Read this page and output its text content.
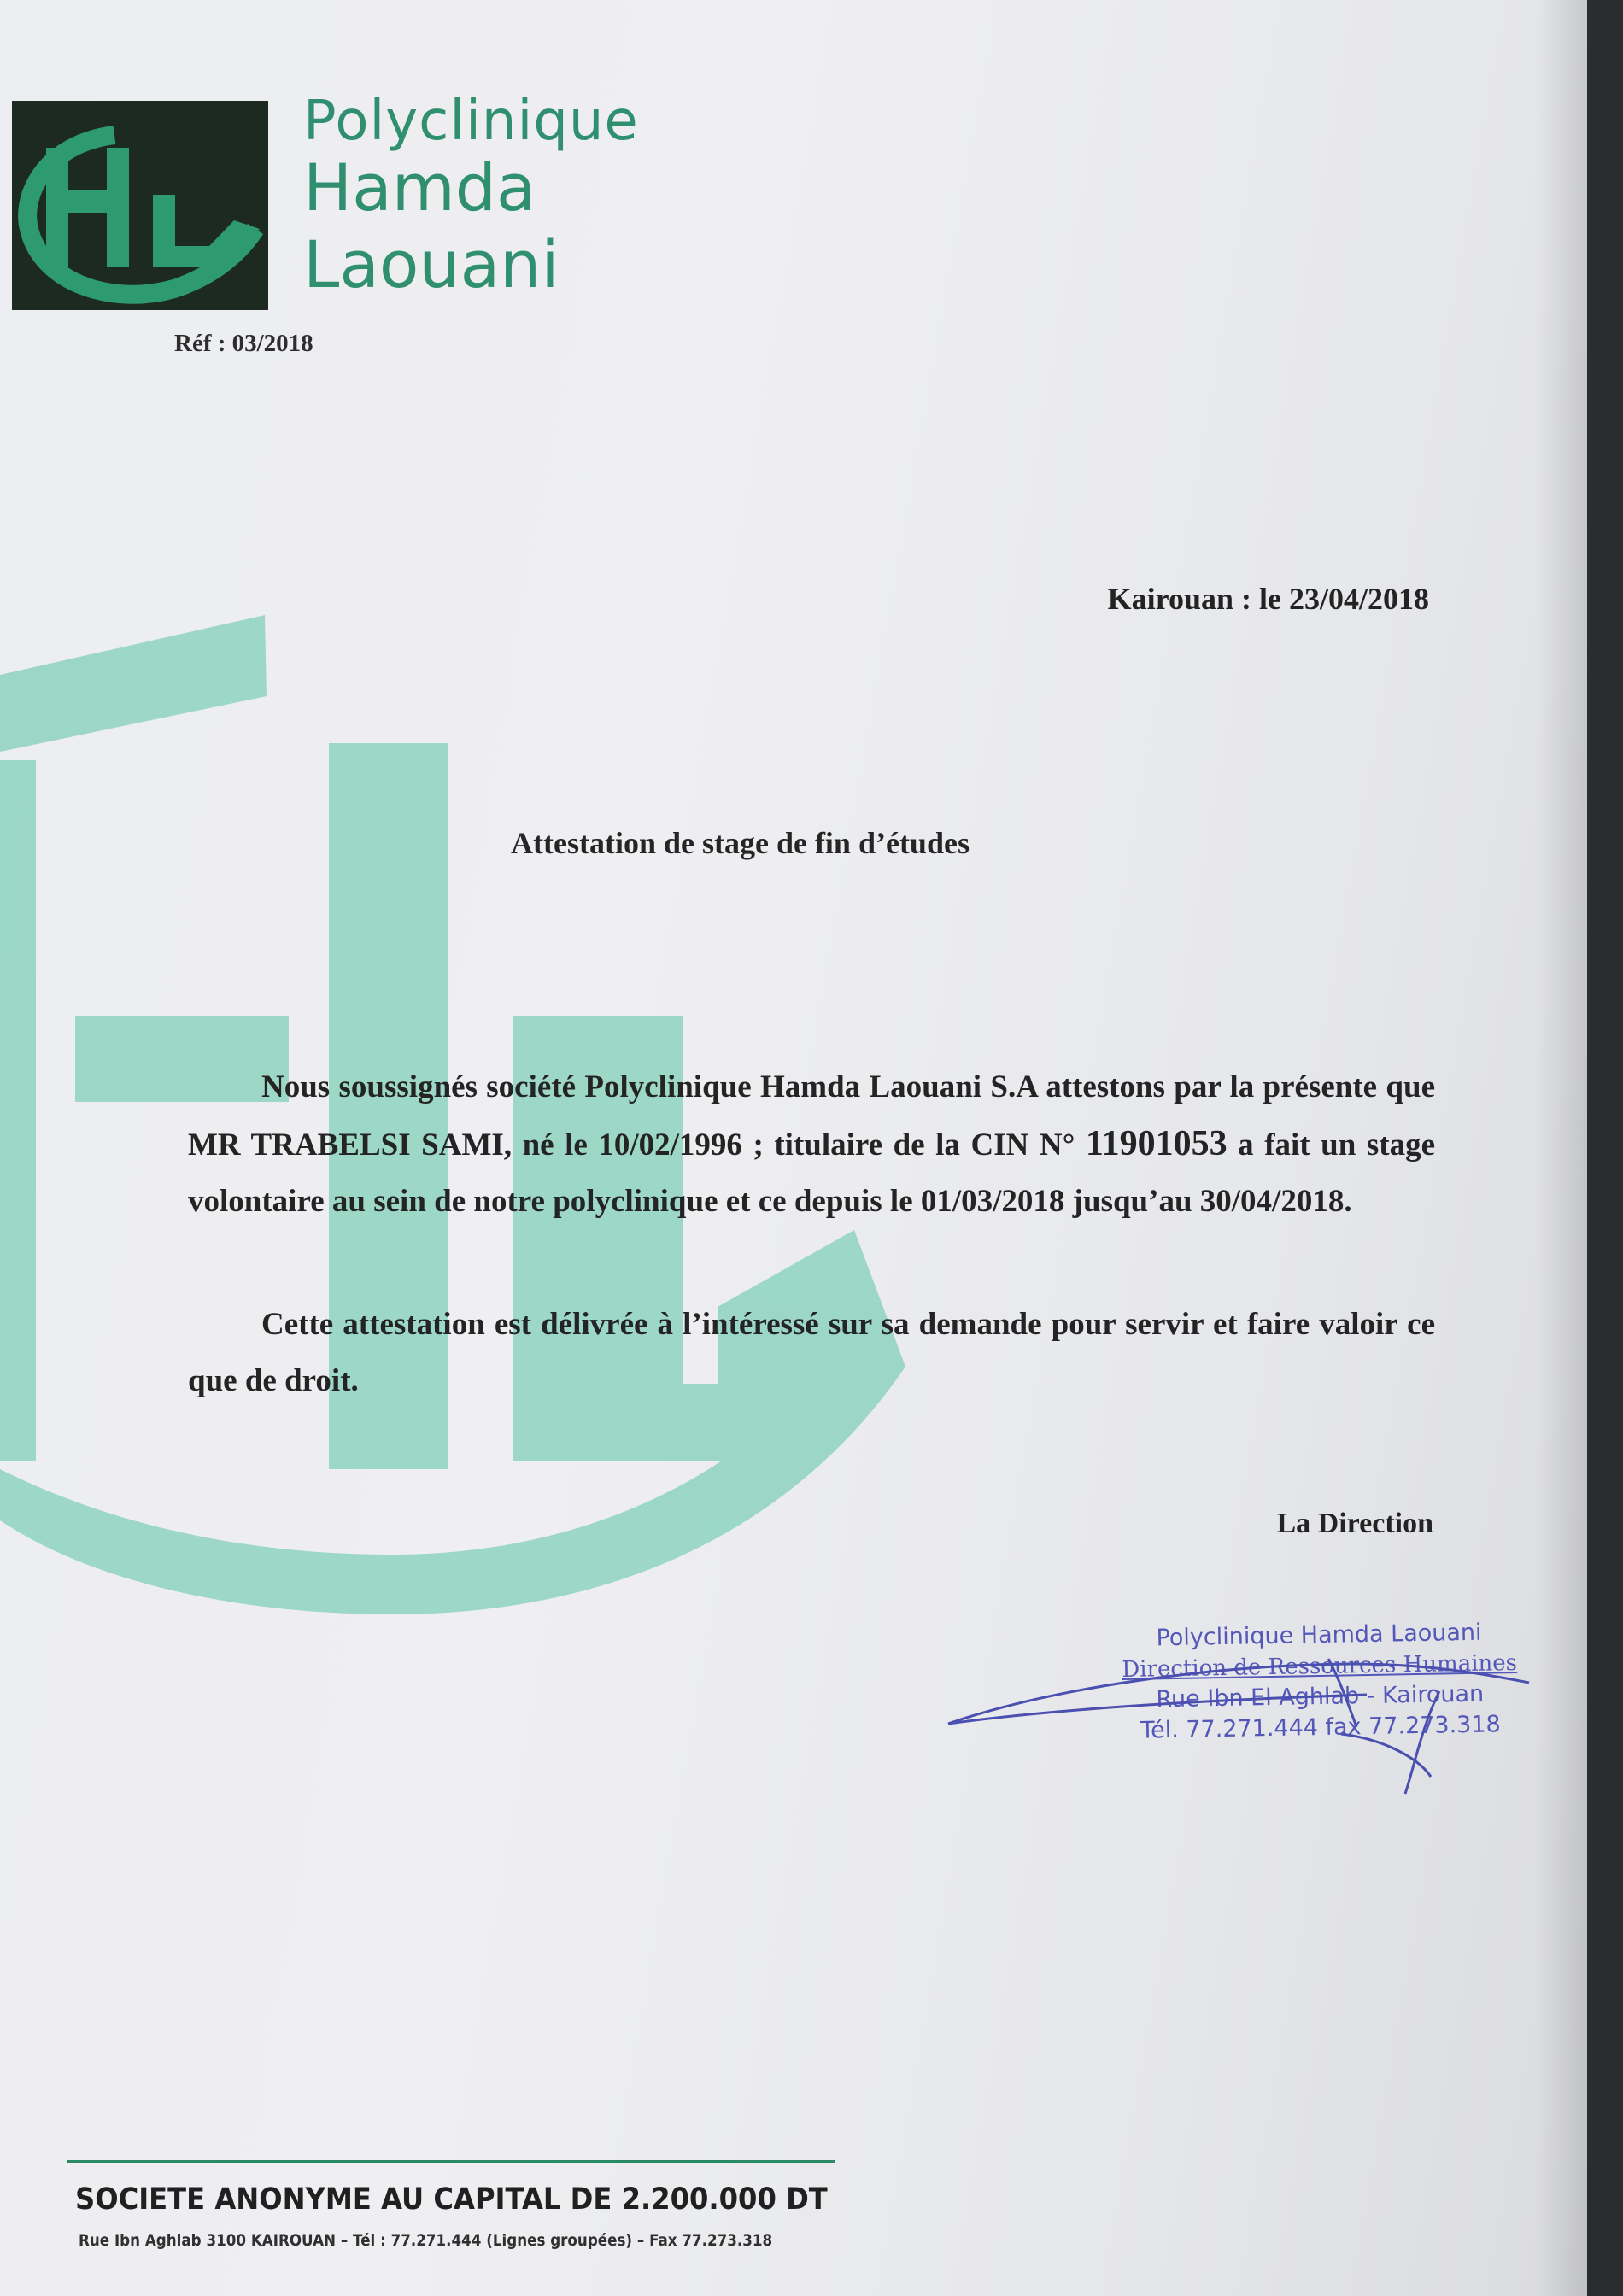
Polyclinique
Hamda
Laouani
Réf : 03/2018
Kairouan : le 23/04/2018
Attestation de stage de fin d’études
Nous soussignés société Polyclinique Hamda Laouani S.A attestons par la présente que MR TRABELSI SAMI, né le 10/02/1996 ; titulaire de la CIN N° 11901053 a fait un stage volontaire au sein de notre polyclinique et ce depuis le 01/03/2018 jusqu’au 30/04/2018.
Cette attestation est délivrée à l’intéressé sur sa demande pour servir et faire valoir ce que de droit.
La Direction
Polyclinique Hamda Laouani
Direction de Ressources Humaines
Rue Ibn El Aghlab - Kairouan
Tél. 77.271.444 fax 77.273.318
SOCIETE ANONYME AU CAPITAL DE 2.200.000 DT
Rue Ibn Aghlab 3100 KAIROUAN – Tél : 77.271.444 (Lignes groupées) – Fax 77.273.318
